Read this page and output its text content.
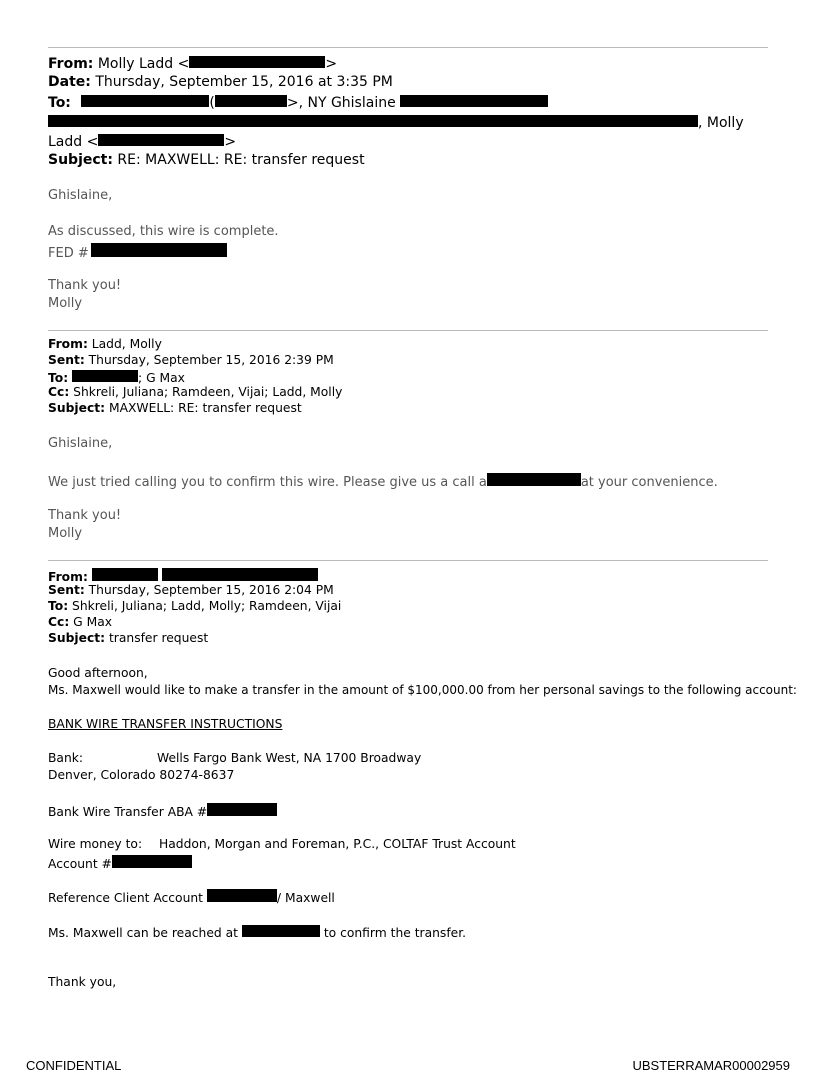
From: Molly Ladd <	>
Date: Thursday, September 15, 2016 at 3:35 PM
To:	(	>, NY Ghislaine
, Molly
Ladd <	>
Subject: RE: MAXWELL: RE: transfer request
Ghislaine,
As discussed, this wire is complete.
FED #
Thank you!
Molly
From: Ladd, Molly
Sent: Thursday, September 15, 2016 2:39 PM
To:	; G Max
Cc: Shkreli, Juliana; Ramdeen, Vijai; Ladd, Molly
Subject: MAXWELL: RE: transfer request
Ghislaine,
We just tried calling you to confirm this wire. Please give us a call a	at your convenience.
Thank you!
Molly
From:
Sent: Thursday, September 15, 2016 2:04 PM
To: Shkreli, Juliana; Ladd, Molly; Ramdeen, Vijai
Cc: G Max
Subject: transfer request
Good afternoon,
Ms. Maxwell would like to make a transfer in the amount of $100,000.00 from her personal savings to the following account:
BANK WIRE TRANSFER INSTRUCTIONS
Bank:	Wells Fargo Bank West, NA 1700 Broadway
Denver, Colorado 80274-8637
Bank Wire Transfer ABA #
Wire money to: Haddon, Morgan and Foreman, P.C., COLTAF Trust Account
Account #
Reference Client Account	/ Maxwell
Ms. Maxwell can be reached at	to confirm the transfer.
Thank you,
CONFIDENTIAL	UBSTERRAMAR00002959
